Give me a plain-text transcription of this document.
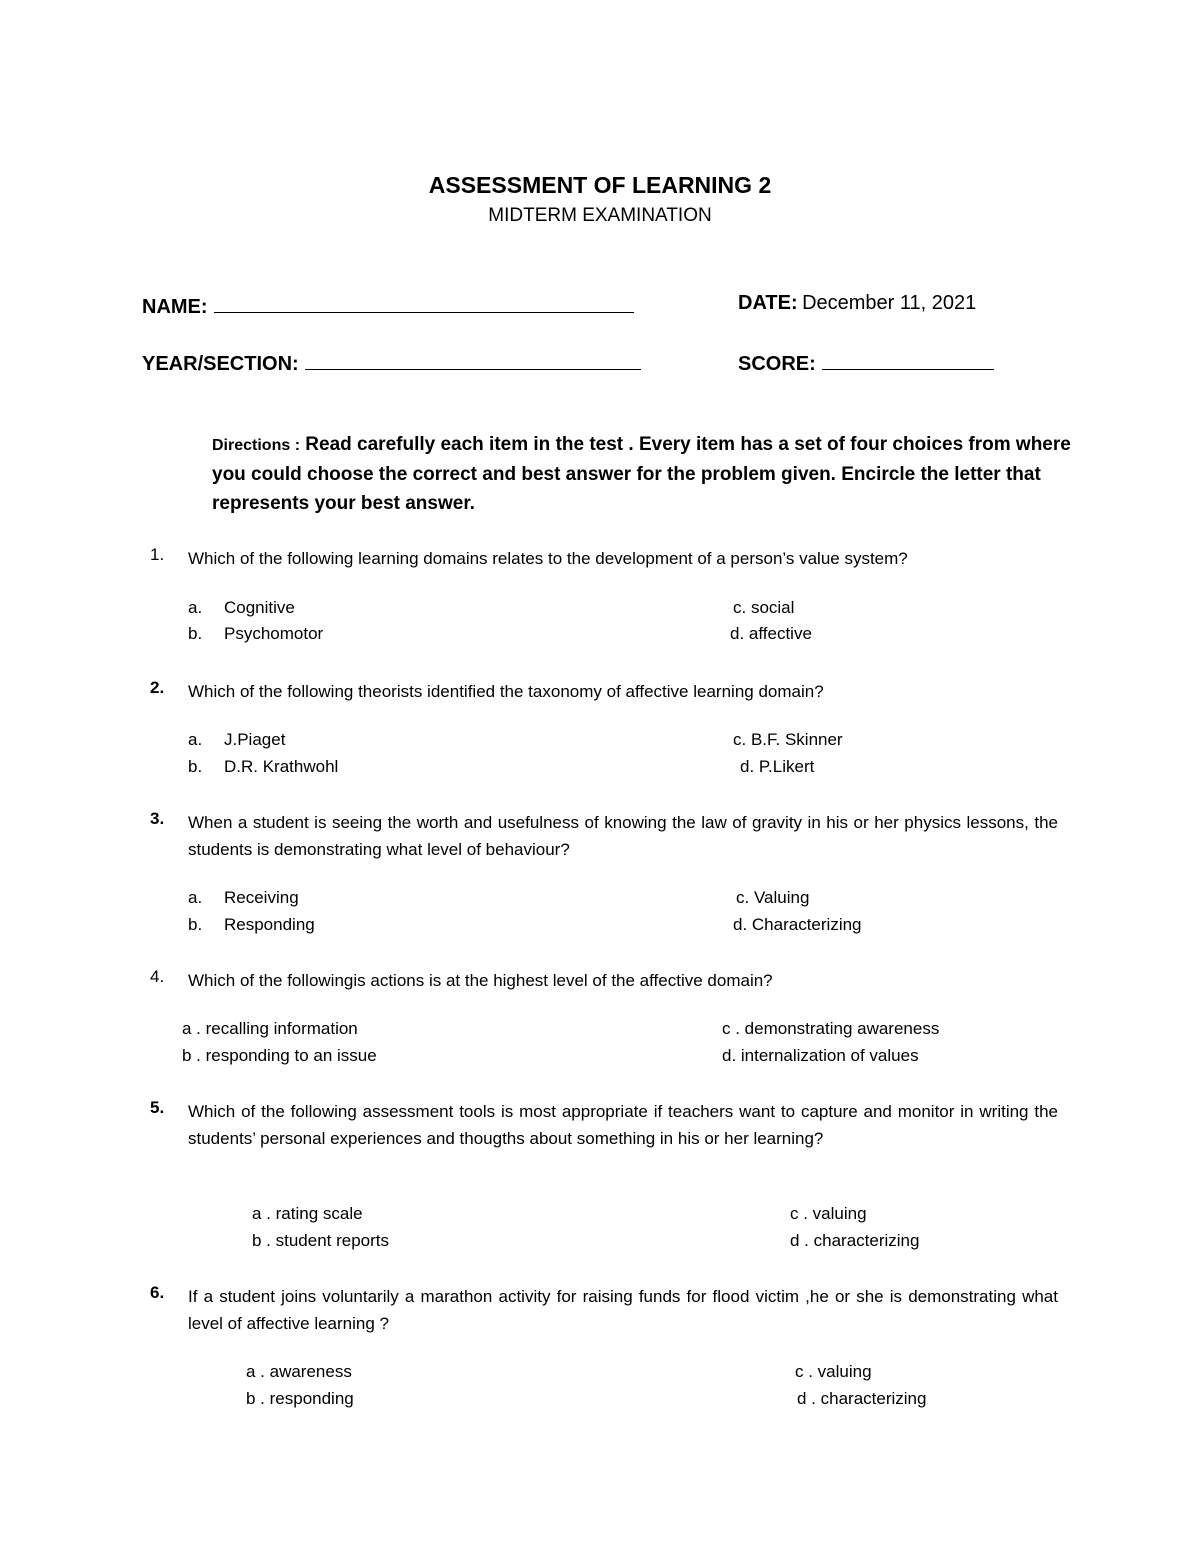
ASSESSMENT OF LEARNING 2
MIDTERM EXAMINATION
NAME:	DATE: December 11, 2021
YEAR/SECTION:	SCORE:
Directions : Read carefully each item in the test . Every item has a set of four choices from where you could choose the correct and best answer for the problem given. Encircle the letter that represents your best answer.
1.	Which of the following learning domains relates to the development of a person’s value system?
a. Cognitive
b. Psychomotor
c. social
d. affective
2.	Which of the following theorists identified the taxonomy of affective learning domain?
a. J.Piaget
b. D.R. Krathwohl
c. B.F. Skinner
d. P.Likert
3.	When a student is seeing the worth and usefulness of knowing the law of gravity in his or her physics lessons, the students is demonstrating what level of behaviour?
a. Receiving
b. Responding
c. Valuing
d. Characterizing
4.	Which of the followingis actions is at the highest level of the affective domain?
a . recalling information
b . responding to an issue
c . demonstrating awareness
d. internalization of values
5.	Which of the following assessment tools is most appropriate if teachers want to capture and monitor in writing the students’ personal experiences and thougths about something in his or her learning?
a . rating scale
b . student reports
c . valuing
d . characterizing
6.	If a student joins voluntarily a marathon activity for raising funds for flood victim ,he or she is demonstrating what level of affective learning ?
a . awareness
b . responding
c . valuing
d . characterizing
